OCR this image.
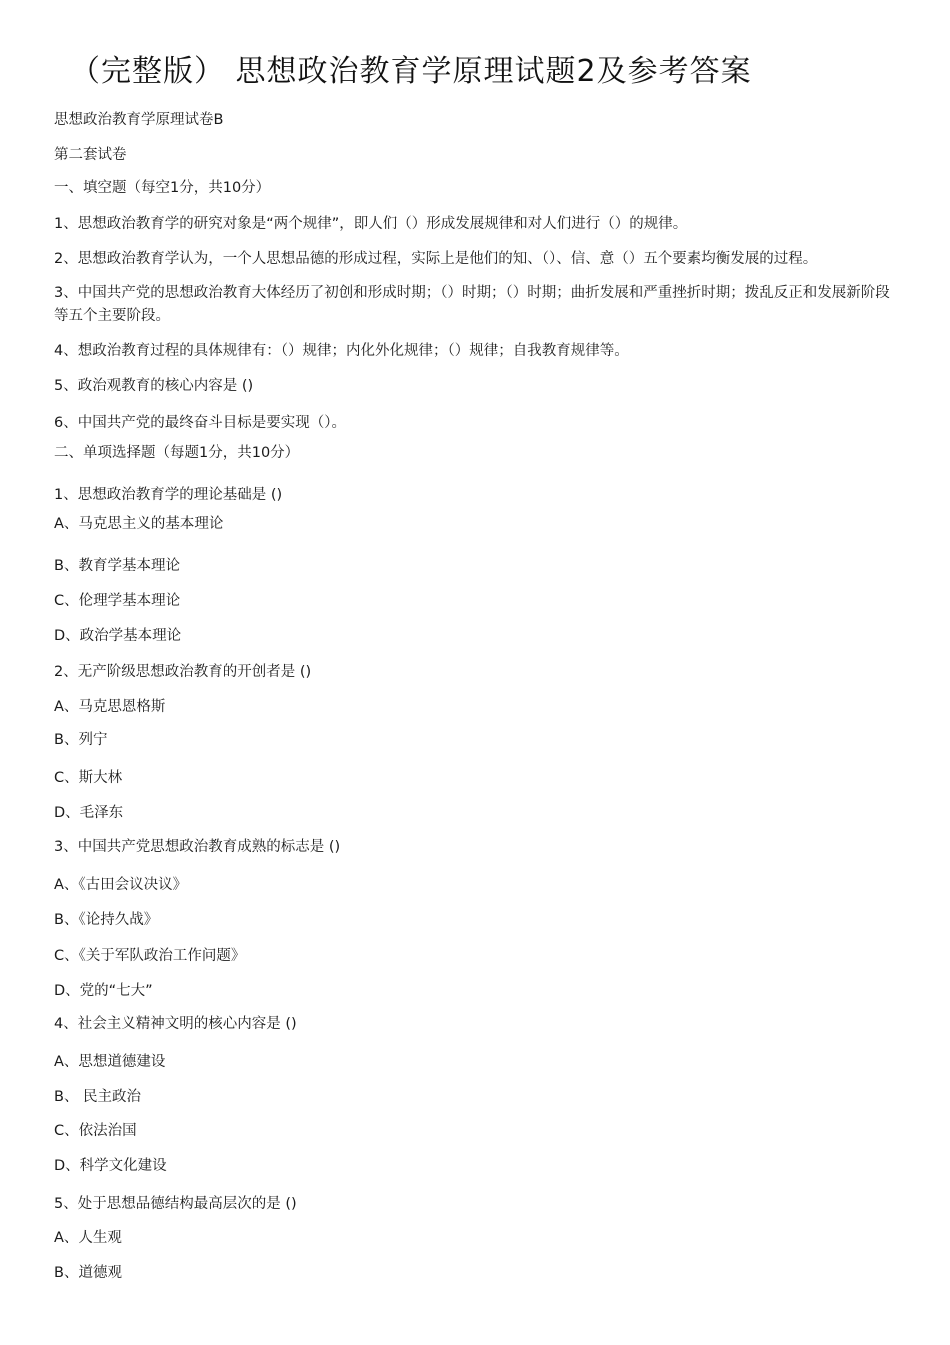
（完整版） 思想政治教育学原理试题2及参考答案
思想政治教育学原理试卷B
第二套试卷
一、填空题（每空1分，共10分）
1、思想政治教育学的研究对象是“两个规律”，即人们（）形成发展规律和对人们进行（）的规律。
2、思想政治教育学认为，一个人思想品德的形成过程，实际上是他们的知、（）、信、意（）五个要素均衡发展的过程。
3、中国共产党的思想政治教育大体经历了初创和形成时期；（）时期；（）时期；曲折发展和严重挫折时期；拨乱反正和发展新阶段等五个主要阶段。
4、想政治教育过程的具体规律有：（）规律；内化外化规律；（）规律；自我教育规律等。
5、政治观教育的核心内容是 ()
6、中国共产党的最终奋斗目标是要实现（）。
二、单项选择题（每题1分，共10分）
1、思想政治教育学的理论基础是 ()
A、马克思主义的基本理论
B、教育学基本理论
C、伦理学基本理论
D、政治学基本理论
2、无产阶级思想政治教育的开创者是 ()
A、马克思恩格斯
B、列宁
C、斯大林
D、毛泽东
3、中国共产党思想政治教育成熟的标志是 ()
A、《古田会议决议》
B、《论持久战》
C、《关于军队政治工作问题》
D、党的“七大”
4、社会主义精神文明的核心内容是 ()
A、思想道德建设
B、 民主政治
C、依法治国
D、科学文化建设
5、处于思想品德结构最高层次的是 ()
A、人生观
B、道德观
